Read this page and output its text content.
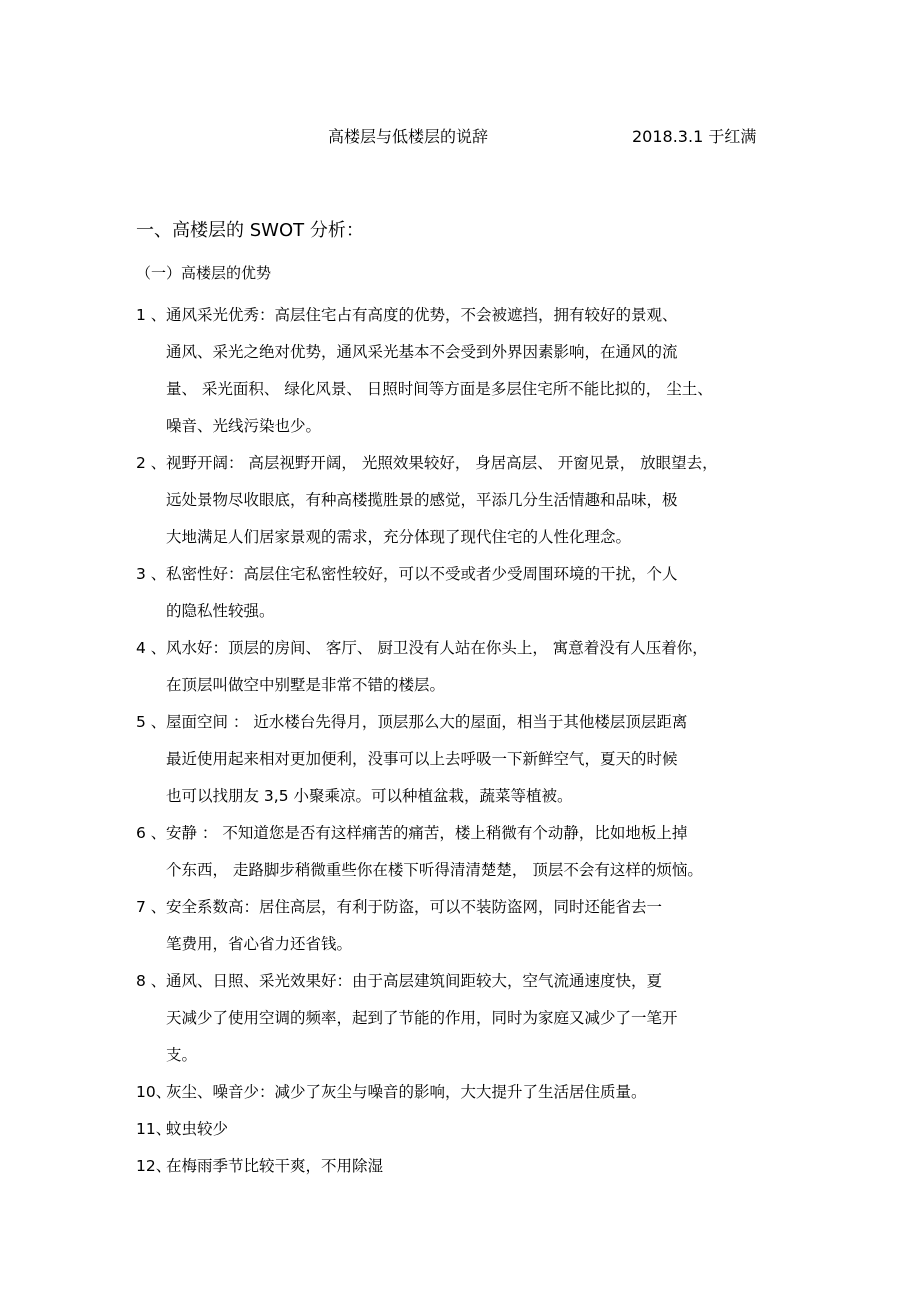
高楼层与低楼层的说辞	2018.3.1 于红满
一、高楼层的 SWOT 分析：
（一）高楼层的优势
1 、 通风采光优秀：高层住宅占有高度的优势，不会被遮挡，拥有较好的景观、
通风、采光之绝对优势，通风采光基本不会受到外界因素影响，在通风的流
量、 采光面积、 绿化风景、 日照时间等方面是多层住宅所不能比拟的， 尘土、
噪音、光线污染也少。
2 、 视野开阔： 高层视野开阔， 光照效果较好， 身居高层、 开窗见景， 放眼望去，
远处景物尽收眼底，有种高楼揽胜景的感觉，平添几分生活情趣和品味，极
大地满足人们居家景观的需求，充分体现了现代住宅的人性化理念。
3 、 私密性好：高层住宅私密性较好，可以不受或者少受周围环境的干扰，个人
的隐私性较强。
4 、 风水好：顶层的房间、 客厅、 厨卫没有人站在你头上， 寓意着没有人压着你，
在顶层叫做空中别墅是非常不错的楼层。
5 、 屋面空间 ： 近水楼台先得月，顶层那么大的屋面，相当于其他楼层顶层距离
最近使用起来相对更加便利，没事可以上去呼吸一下新鲜空气，夏天的时候
也可以找朋友 3,5 小聚乘凉。可以种植盆栽，蔬菜等植被。
6 、 安静 ： 不知道您是否有这样痛苦的痛苦，楼上稍微有个动静，比如地板上掉
个东西， 走路脚步稍微重些你在楼下听得清清楚楚， 顶层不会有这样的烦恼。
7 、 安全系数高：居住高层，有利于防盗，可以不装防盗网，同时还能省去一
笔费用，省心省力还省钱。
8 、 通风、日照、采光效果好：由于高层建筑间距较大，空气流通速度快，夏
天减少了使用空调的频率，起到了节能的作用，同时为家庭又减少了一笔开
支。
10、
灰尘、噪音少：减少了灰尘与噪音的影响，大大提升了生活居住质量。
11、
蚊虫较少
12、
在梅雨季节比较干爽，不用除湿
